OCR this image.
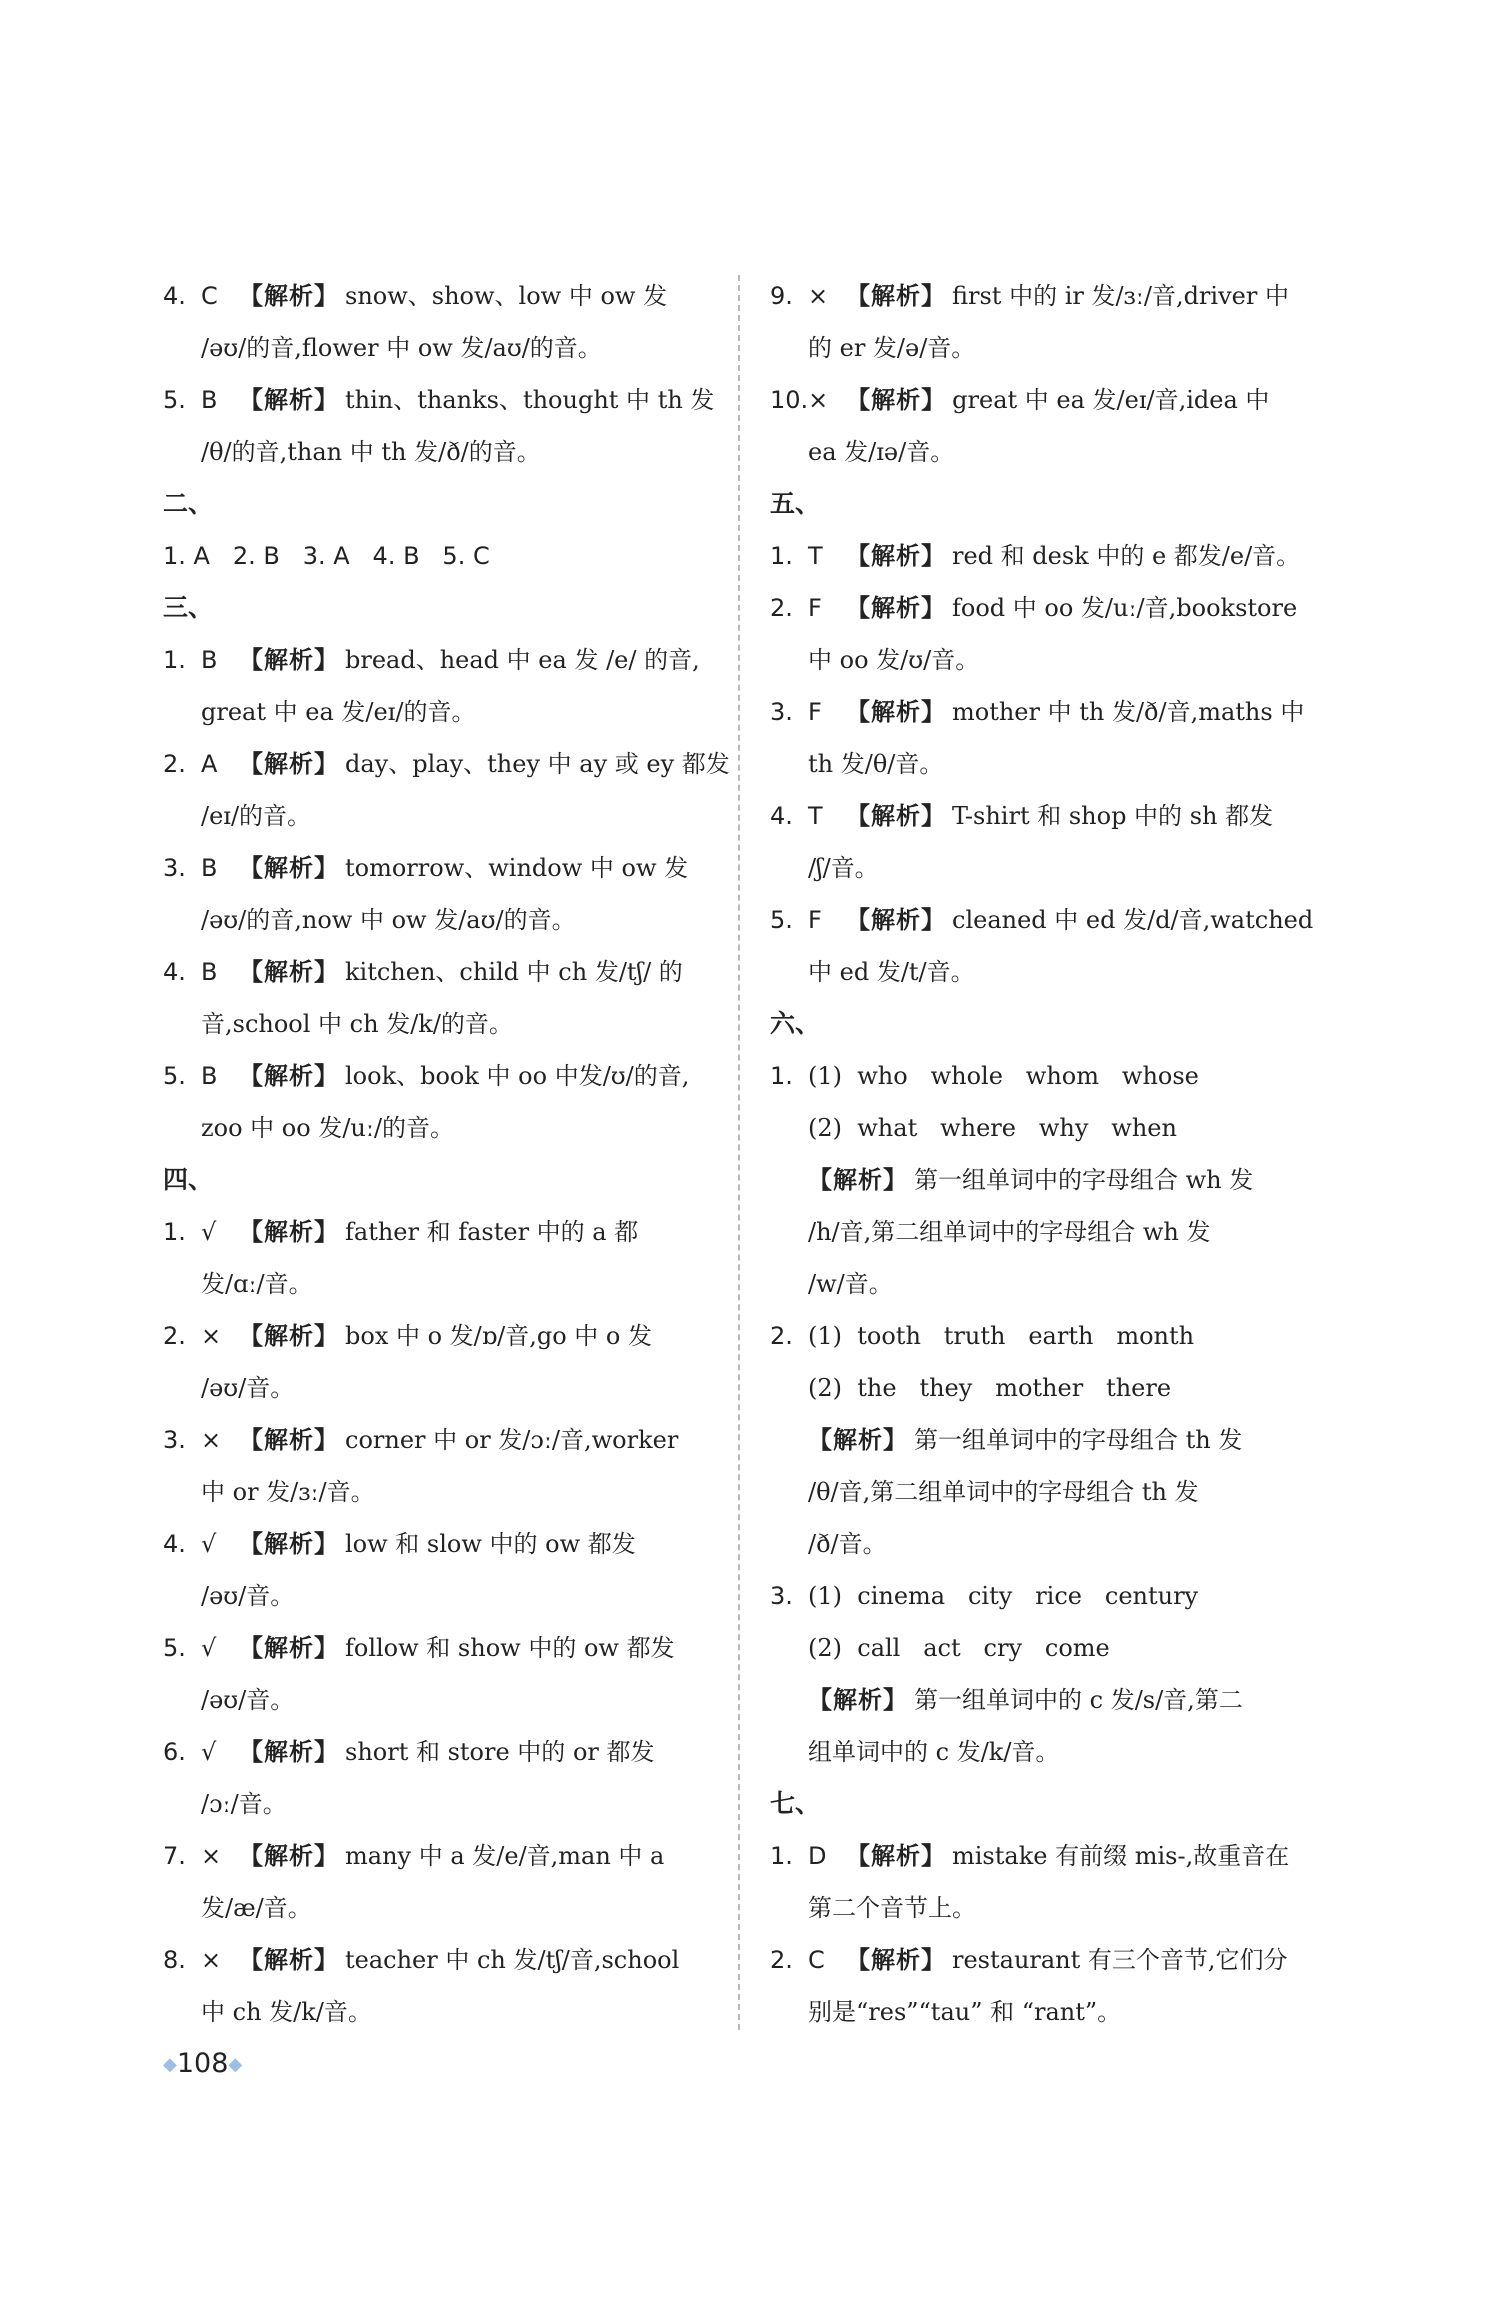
4. C 【解析】 snow、show、low 中 ow 发
/əʊ/的音,flower 中 ow 发/aʊ/的音。
5. B 【解析】 thin、thanks、thought 中 th 发
/θ/的音,than 中 th 发/ð/的音。
二、
1. A   2. B   3. A   4. B   5. C
三、
1. B 【解析】 bread、head 中 ea 发 /e/ 的音,
great 中 ea 发/eɪ/的音。
2. A 【解析】 day、play、they 中 ay 或 ey 都发
/eɪ/的音。
3. B 【解析】 tomorrow、window 中 ow 发
/əʊ/的音,now 中 ow 发/aʊ/的音。
4. B 【解析】 kitchen、child 中 ch 发/tʃ/ 的
音,school 中 ch 发/k/的音。
5. B 【解析】 look、book 中 oo 中发/ʊ/的音,
zoo 中 oo 发/uː/的音。
四、
1. √ 【解析】 father 和 faster 中的 a 都
发/ɑː/音。
2. × 【解析】 box 中 o 发/ɒ/音,go 中 o 发
/əʊ/音。
3. × 【解析】 corner 中 or 发/ɔː/音,worker
中 or 发/ɜː/音。
4. √ 【解析】 low 和 slow 中的 ow 都发
/əʊ/音。
5. √ 【解析】 follow 和 show 中的 ow 都发
/əʊ/音。
6. √ 【解析】 short 和 store 中的 or 都发
/ɔː/音。
7. × 【解析】 many 中 a 发/e/音,man 中 a
发/æ/音。
8. × 【解析】 teacher 中 ch 发/tʃ/音,school
中 ch 发/k/音。
9. × 【解析】 first 中的 ir 发/ɜː/音,driver 中
的 er 发/ə/音。
10.× 【解析】 great 中 ea 发/eɪ/音,idea 中
ea 发/ɪə/音。
五、
1. T 【解析】 red 和 desk 中的 e 都发/e/音。
2. F 【解析】 food 中 oo 发/uː/音,bookstore
中 oo 发/ʊ/音。
3. F 【解析】 mother 中 th 发/ð/音,maths 中
th 发/θ/音。
4. T 【解析】 T-shirt 和 shop 中的 sh 都发
/ʃ/音。
5. F 【解析】 cleaned 中 ed 发/d/音,watched
中 ed 发/t/音。
六、
1. (1)  who   whole   whom   whose
(2)  what   where   why   when
【解析】 第一组单词中的字母组合 wh 发
/h/音,第二组单词中的字母组合 wh 发
/w/音。
2. (1)  tooth   truth   earth   month
(2)  the   they   mother   there
【解析】 第一组单词中的字母组合 th 发
/θ/音,第二组单词中的字母组合 th 发
/ð/音。
3. (1)  cinema   city   rice   century
(2)  call   act   cry   come
【解析】 第一组单词中的 c 发/s/音,第二
组单词中的 c 发/k/音。
七、
1. D 【解析】 mistake 有前缀 mis-,故重音在
第二个音节上。
2. C 【解析】 restaurant 有三个音节,它们分
别是“res”“tau” 和 “rant”。
◆108◆
